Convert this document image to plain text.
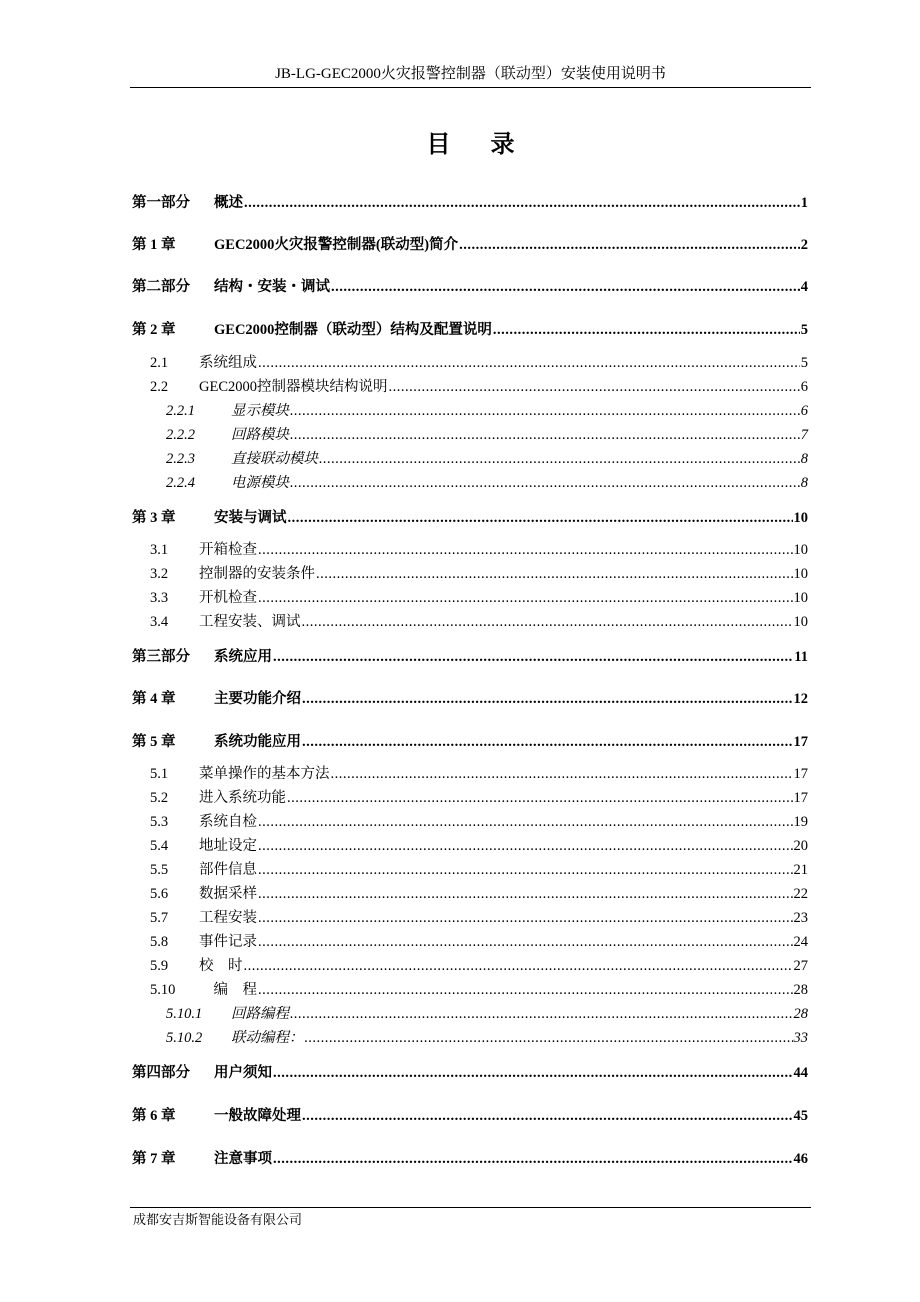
JB-LG-GEC2000火灾报警控制器（联动型）安装使用说明书
目录
第一部分	概述 .....	1
第 1 章	GEC2000火灾报警控制器(联动型)简介 .....	2
第二部分	结构・安装・调试 .....	4
第 2 章	GEC2000控制器（联动型）结构及配置说明 .....	5
2.1	系统组成 .....	5
2.2	GEC2000控制器模块结构说明 .....	6
2.2.1	显示模块 .....	6
2.2.2	回路模块 .....	7
2.2.3	直接联动模块 .....	8
2.2.4	电源模块 .....	8
第 3 章	安装与调试 .....	10
3.1	开箱检查 .....	10
3.2	控制器的安装条件 .....	10
3.3	开机检查 .....	10
3.4	工程安装、调试 .....	10
第三部分	系统应用 .....	11
第 4 章	主要功能介绍 .....	12
第 5 章	系统功能应用 .....	17
5.1	菜单操作的基本方法 .....	17
5.2	进入系统功能 .....	17
5.3	系统自检 .....	19
5.4	地址设定 .....	20
5.5	部件信息 .....	21
5.6	数据采样 .....	22
5.7	工程安装 .....	23
5.8	事件记录 .....	24
5.9	校　时 .....	27
5.10	　编　程 .....	28
5.10.1	回路编程 .....	28
5.10.2	联动编程： .....	33
第四部分	用户须知 .....	44
第 6 章	一般故障处理 .....	45
第 7 章	注意事项 .....	46
成都安吉斯智能设备有限公司
